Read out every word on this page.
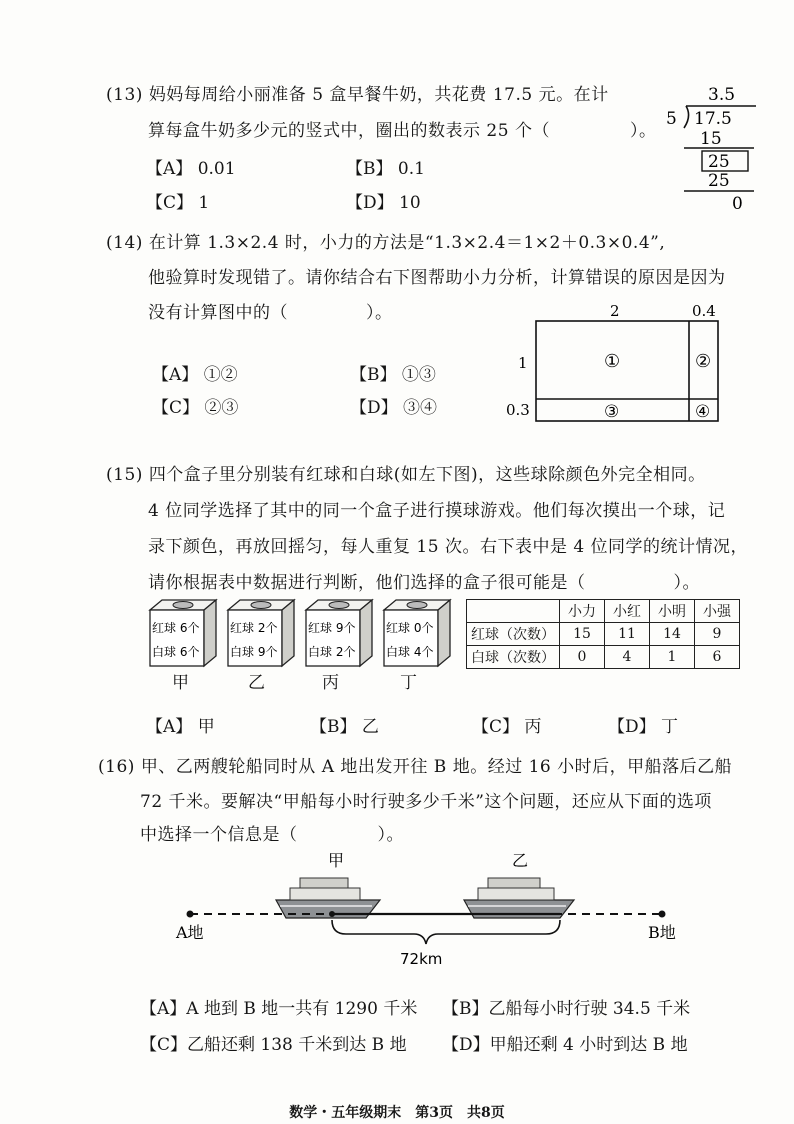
(13) 妈妈每周给小丽准备 5 盒早餐牛奶，共花费 17.5 元。在计
算每盒牛奶多少元的竖式中，圈出的数表示 25 个（	）。
【A】 0.01	【B】 0.1
【C】 1	【D】 10
3.5
5 17.5
15
25
25
0
(14) 在计算 1.3×2.4 时，小力的方法是“1.3×2.4＝1×2＋0.3×0.4”,
他验算时发现错了。请你结合右下图帮助小力分析，计算错误的原因是因为
没有计算图中的（	）。
【A】 ①②	【B】 ①③
【C】 ②③	【D】 ③④
2	0.4
1
0.3
①	②
③	④
(15) 四个盒子里分别装有红球和白球(如左下图)，这些球除颜色外完全相同。
4 位同学选择了其中的同一个盒子进行摸球游戏。他们每次摸出一个球，记
录下颜色，再放回摇匀，每人重复 15 次。右下表中是 4 位同学的统计情况，
请你根据表中数据进行判断，他们选择的盒子很可能是（	）。
红球 6个
白球 6个
红球 2个
白球 9个
红球 9个
白球 2个
红球 0个
白球 4个
甲	乙	丙	丁
	小力	小红	小明	小强
红球（次数）	15	11	14	9
白球（次数）	0	4	1	6
【A】 甲	【B】 乙	【C】 丙	【D】 丁
(16) 甲、乙两艘轮船同时从 A 地出发开往 B 地。经过 16 小时后，甲船落后乙船
72 千米。要解决“甲船每小时行驶多少千米”这个问题，还应从下面的选项
中选择一个信息是（	）。
甲	乙
A地	B地
72km
【A】A 地到 B 地一共有 1290 千米 【B】乙船每小时行驶 34.5 千米
【C】乙船还剩 138 千米到达 B 地 【D】甲船还剩 4 小时到达 B 地
数学・五年级期末　第3页　共8页
